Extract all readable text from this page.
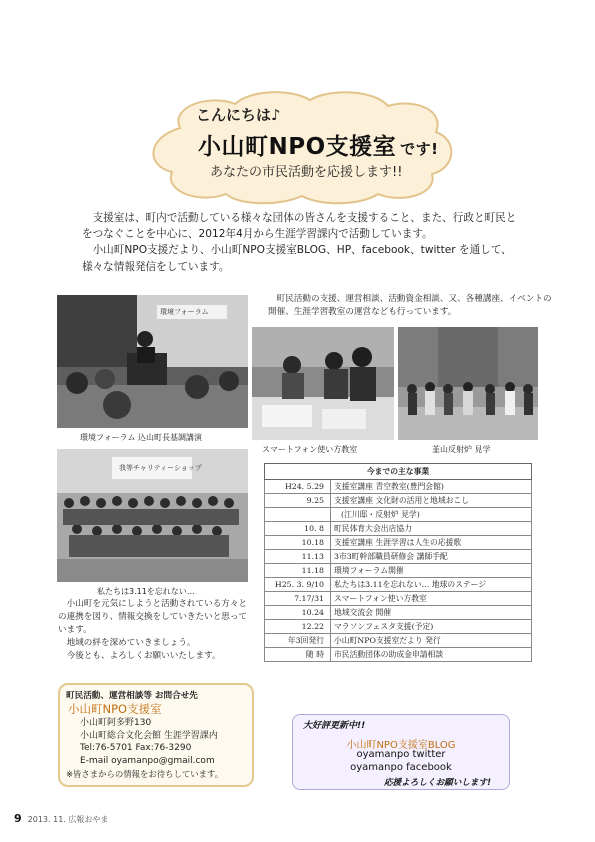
こんにちは♪
小山町NPO支援室 です!
あなたの市民活動を応援します!!

支援室は、町内で活動している様々な団体の皆さんを支援すること、また、行政と町民とをつなぐことを中心に、2012年4月から生涯学習課内で活動しています。

小山町NPO支援だより、小山町NPO支援室BLOG、HP、facebook、twitter を通して、様々な情報発信をしています。

環境フォーラム
環境フォーラム 込山町長基調講演
スマートフォン使い方教室	韮山反射炉 見学
我等チャリティーショップ
私たちは3.11を忘れない…
町民活動の支援、運営相談、活動資金相談、又、各種講座、イベントの開催、生涯学習教室の運営なども行っています。

小山町を元気にしようと活動されている方々との連携を図り、情報交換をしていきたいと思っています。

地域の絆を深めていきましょう。

今後とも、よろしくお願いいたします。

町民活動、運営相談等 お問合せ先
小山町NPO支援室
小山町阿多野130
小山町総合文化会館 生涯学習課内
Tel:76-5701 Fax:76-3290
E-mail oyamanpo@gmail.com
※皆さまからの情報をお待ちしています。
今までの主な事業	
H24. 5.29	支援室講座 青空教室(豊門会館)
9.25	支援室講座 文化財の活用と地域おこし
	(江川邸・反射炉 見学)
10. 8	町民体育大会出店協力
10.18	支援室講座 生涯学習は人生の応援歌
11.13	3市3町幹部職員研修会 講師手配
11.18	環境フォーラム開催
H25. 3. 9/10	私たちは3.11を忘れない… 地球のステージ
7.17/31	スマートフォン使い方教室
10.24	地域交流会 開催
12.22	マラソンフェスタ支援(予定)
年3回発行	小山町NPO支援室だより 発行
随 時	市民活動団体の助成金申請相談
大好評更新中!!
小山町NPO支援室BLOG
oyamanpo twitter
oyamanpo facebook
応援よろしくお願いします!
9 2013. 11. 広報おやま
